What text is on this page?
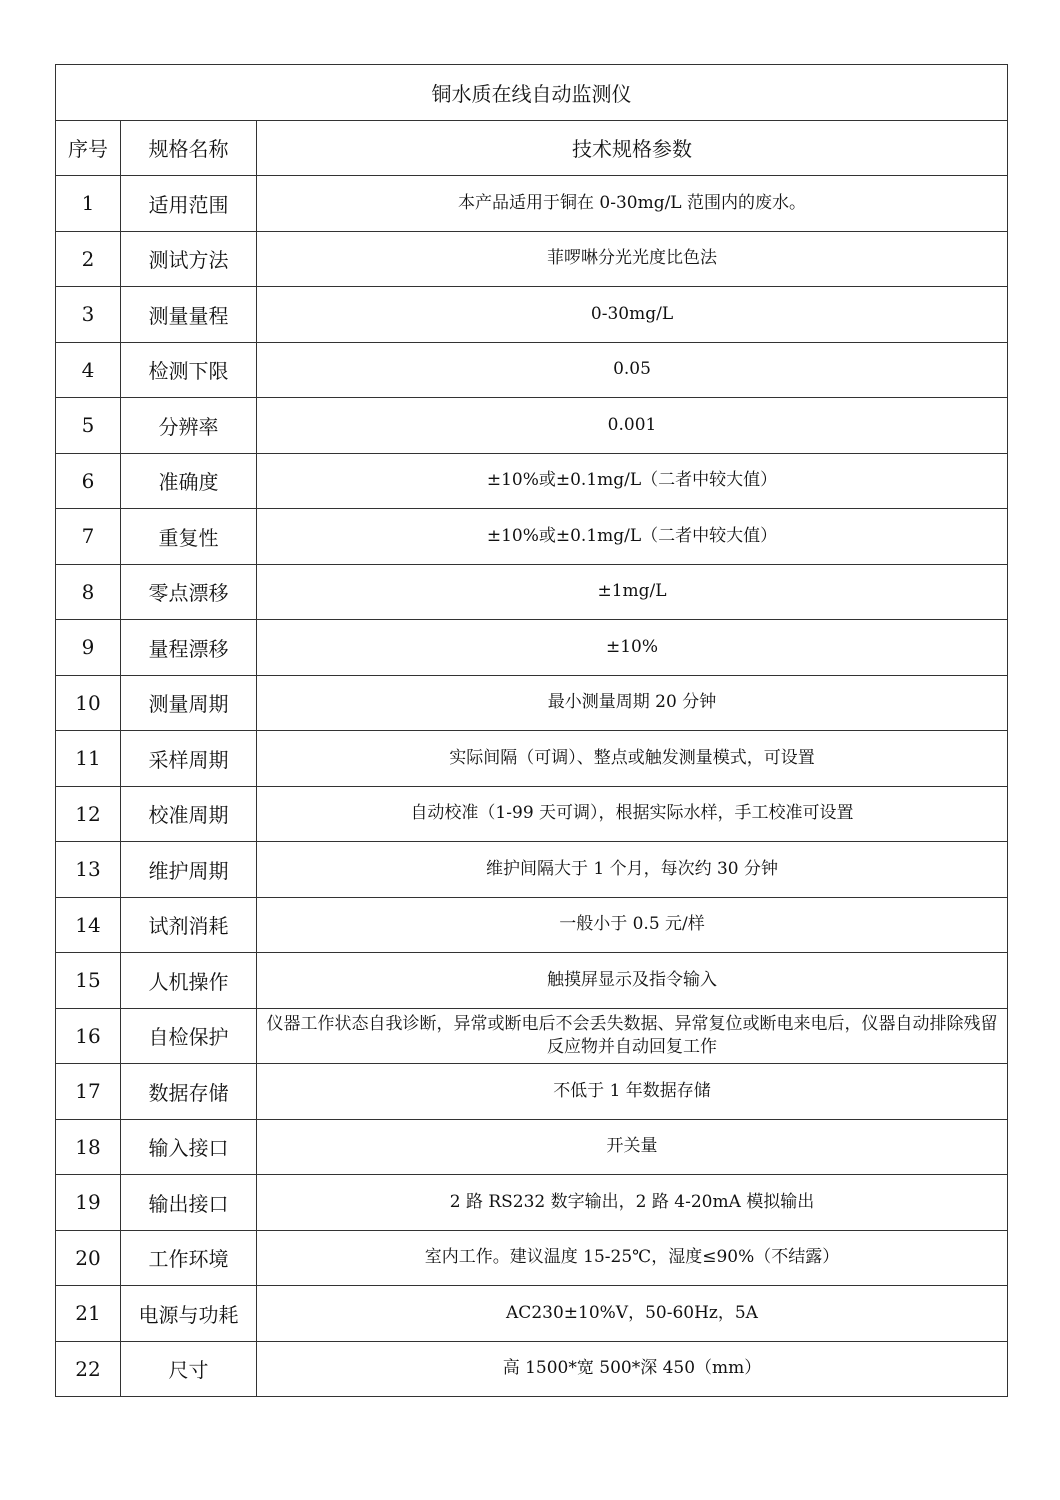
铜水质在线自动监测仪		
序号	规格名称	技术规格参数
1	适用范围	本产品适用于铜在 0-30mg/L 范围内的废水。
2	测试方法	菲啰啉分光光度比色法
3	测量量程	0-30mg/L
4	检测下限	0.05
5	分辨率	0.001
6	准确度	±10%或±0.1mg/L（二者中较大值）
7	重复性	±10%或±0.1mg/L（二者中较大值）
8	零点漂移	±1mg/L
9	量程漂移	±10%
10	测量周期	最小测量周期 20 分钟
11	采样周期	实际间隔（可调）、整点或触发测量模式，可设置
12	校准周期	自动校准（1-99 天可调），根据实际水样，手工校准可设置
13	维护周期	维护间隔大于 1 个月，每次约 30 分钟
14	试剂消耗	一般小于 0.5 元/样
15	人机操作	触摸屏显示及指令输入
16	自检保护	仪器工作状态自我诊断，异常或断电后不会丢失数据、异常复位或断电来电后，仪器自动排除残留反应物并自动回复工作
17	数据存储	不低于 1 年数据存储
18	输入接口	开关量
19	输出接口	2 路 RS232 数字输出，2 路 4-20mA 模拟输出
20	工作环境	室内工作。建议温度 15-25℃，湿度≤90%（不结露）
21	电源与功耗	AC230±10%V，50-60Hz，5A
22	尺寸	高 1500*宽 500*深 450（mm）
